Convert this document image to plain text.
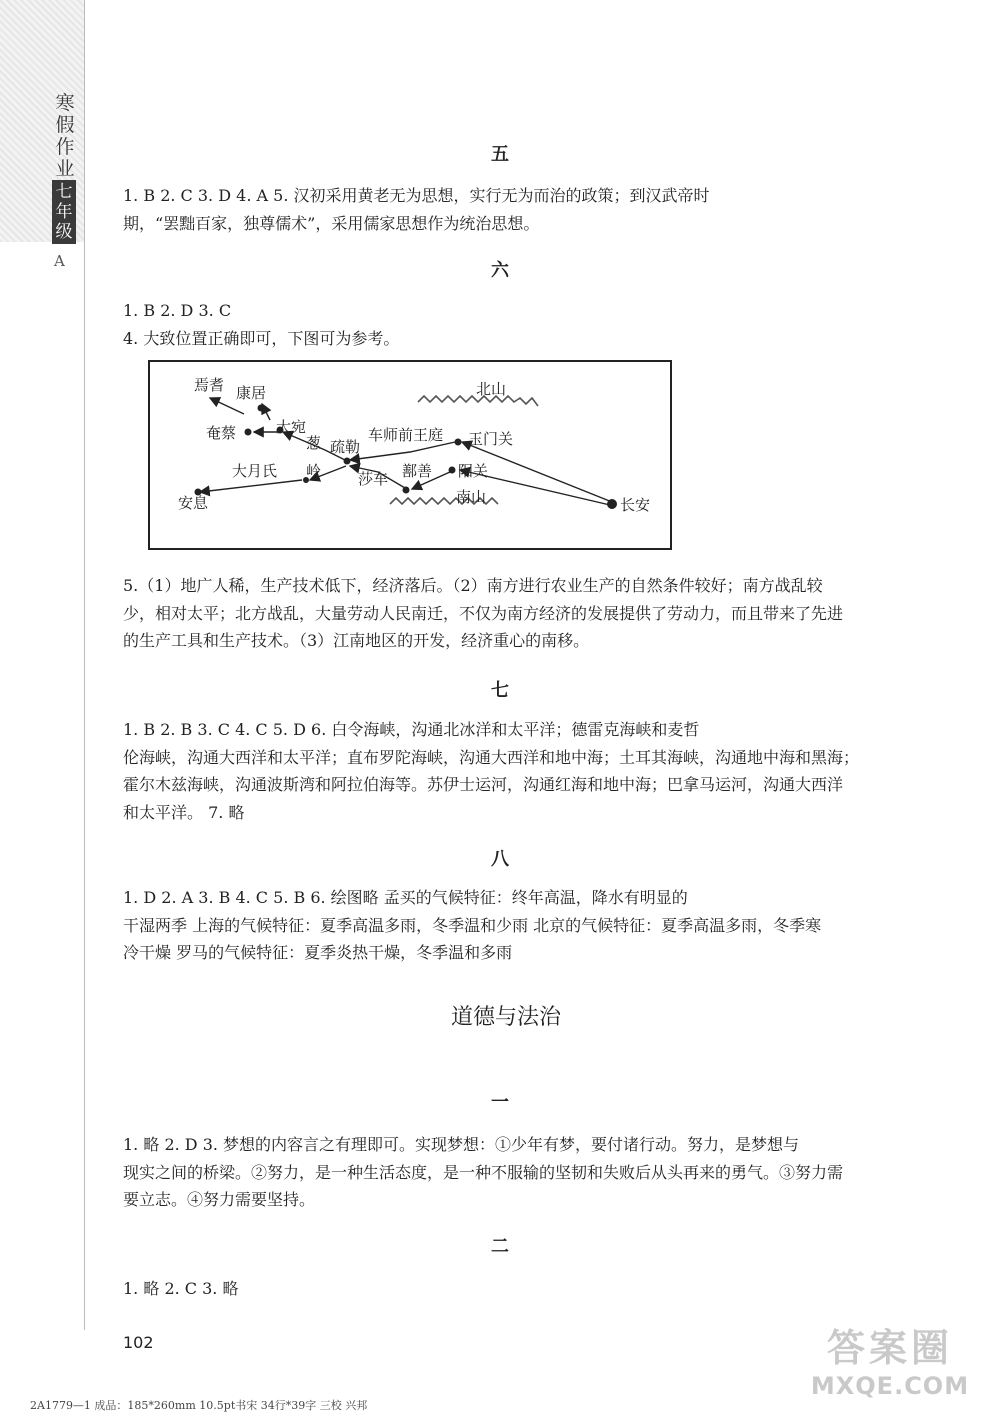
寒
假
作
业
七
年
级
A
五
1. B 2. C 3. D 4. A 5. 汉初采用黄老无为思想，实行无为而治的政策；到汉武帝时
期，“罢黜百家，独尊儒术”，采用儒家思想作为统治思想。
六
1. B 2. D 3. C
4. 大致位置正确即可，下图可为参考。
焉耆 康居
奄蔡	大宛
葱
岭
疏勒
车师前王庭 玉门关
北山
大月氏	莎车 鄯善 阳关
南山
安息	长安
5.（1）地广人稀，生产技术低下，经济落后。（2）南方进行农业生产的自然条件较好；南方战乱较
少，相对太平；北方战乱，大量劳动人民南迁，不仅为南方经济的发展提供了劳动力，而且带来了先进
的生产工具和生产技术。（3）江南地区的开发，经济重心的南移。
七
1. B 2. B 3. C 4. C 5. D 6. 白令海峡，沟通北冰洋和太平洋；德雷克海峡和麦哲
伦海峡，沟通大西洋和太平洋；直布罗陀海峡，沟通大西洋和地中海；土耳其海峡，沟通地中海和黑海；
霍尔木兹海峡，沟通波斯湾和阿拉伯海等。苏伊士运河，沟通红海和地中海；巴拿马运河，沟通大西洋
和太平洋。 7. 略
八
1. D 2. A 3. B 4. C 5. B 6. 绘图略 孟买的气候特征：终年高温，降水有明显的
干湿两季 上海的气候特征：夏季高温多雨，冬季温和少雨 北京的气候特征：夏季高温多雨，冬季寒
冷干燥 罗马的气候特征：夏季炎热干燥，冬季温和多雨
道德与法治
一
1. 略 2. D 3. 梦想的内容言之有理即可。实现梦想：①少年有梦，要付诸行动。努力，是梦想与
现实之间的桥梁。②努力，是一种生活态度，是一种不服输的坚韧和失败后从头再来的勇气。③努力需
要立志。④努力需要坚持。
二
1. 略 2. C 3. 略
102
2A1779—1 成品：185*260mm 10.5pt书宋 34行*39字 三校 兴邦
答案圈
MXQE.COM
